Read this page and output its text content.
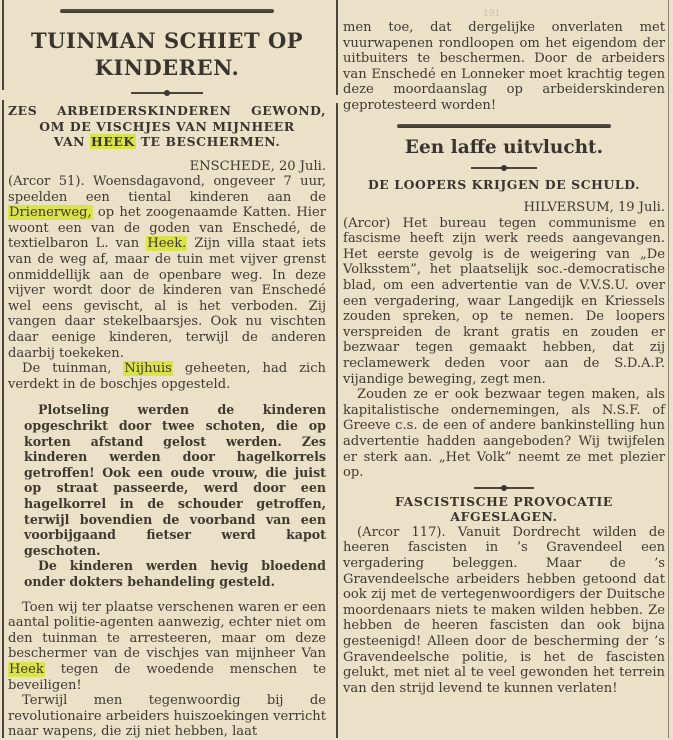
TUINMAN SCHIET OP
KINDEREN.
ZES ARBEIDERSKINDEREN GEWOND,
OM DE VISCHJES VAN MIJNHEER
VAN HEEK TE BESCHERMEN.
ENSCHEDE, 20 Juli.

(Arcor 51). Woensdagavond, ongeveer 7 uur, speelden een tiental kinderen aan de Drienerweg, op het zoogenaamde Katten. Hier woont een van de goden van Enschedé, de textielbaron L. van Heek. Zijn villa staat iets van de weg af, maar de tuin met vijver grenst onmiddellijk aan de openbare weg. In deze vijver wordt door de kinderen van Enschedé wel eens gevischt, al is het verboden. Zij vangen daar stekelbaarsjes. Ook nu vischten daar eenige kinderen, terwijl de anderen daarbij toekeken.

De tuinman, Nijhuis geheeten, had zich verdekt in de boschjes opgesteld.

Plotseling werden de kinderen opgeschrikt door twee schoten, die op korten afstand gelost werden. Zes kinderen werden door hagelkorrels getroffen! Ook een oude vrouw, die juist op straat passeerde, werd door een hagelkorrel in de schouder getroffen, terwijl bovendien de voorband van een voorbijgaand fietser werd kapot geschoten.

De kinderen werden hevig bloedend onder dokters behandeling gesteld.

Toen wij ter plaatse verschenen waren er een aantal politie-agenten aanwezig, echter niet om den tuinman te arresteeren, maar om deze beschermer van de vischjes van mijnheer Van Heek tegen de woedende menschen te beveiligen!

Terwijl men tegenwoordig bij de revolutionaire arbeiders huiszoekingen verricht naar wapens, die zij niet hebben, laat

191

men toe, dat dergelijke onverlaten met vuurwapenen rondloopen om het eigendom der uitbuiters te beschermen. Door de arbeiders van Enschedé en Lonneker moet krachtig tegen deze moordaanslag op arbeiderskinderen geprotesteerd worden!

Een laffe uitvlucht.
DE LOOPERS KRIJGEN DE SCHULD.
HILVERSUM, 19 Juli.

(Arcor) Het bureau tegen communisme en fascisme heeft zijn werk reeds aangevangen. Het eerste gevolg is de weigering van „De Volksstem”, het plaatselijk soc.-democratische blad, om een advertentie van de V.V.S.U. over een vergadering, waar Langedijk en Kriessels zouden spreken, op te nemen. De loopers verspreiden de krant gratis en zouden er bezwaar tegen gemaakt hebben, dat zij reclamewerk deden voor aan de S.D.A.P. vijandige beweging, zegt men.

Zouden ze er ook bezwaar tegen maken, als kapitalistische ondernemingen, als N.S.F. of Greeve c.s. de een of andere bankinstelling hun advertentie hadden aangeboden? Wij twijfelen er sterk aan. „Het Volk” neemt ze met plezier op.

FASCISTISCHE PROVOCATIE
AFGESLAGEN.

(Arcor 117). Vanuit Dordrecht wilden de heeren fascisten in ’s Gravendeel een vergadering beleggen. Maar de ’s Gravendeelsche arbeiders hebben getoond dat ook zij met de vertegenwoordigers der Duitsche moordenaars niets te maken wilden hebben. Ze hebben de heeren fascisten dan ook bijna gesteenigd! Alleen door de bescherming der ’s Gravendeelsche politie, is het de fascisten gelukt, met niet al te veel gewonden het terrein van den strijd levend te kunnen verlaten!
